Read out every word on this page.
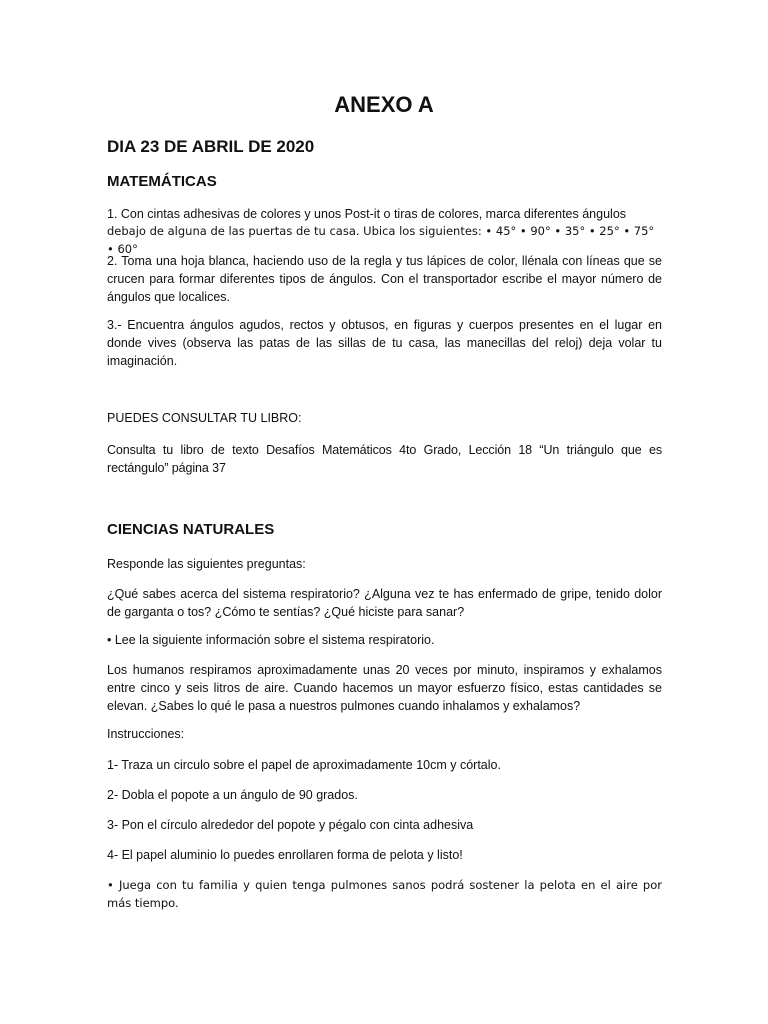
ANEXO A
DIA 23 DE ABRIL DE 2020
MATEMÁTICAS

1. Con cintas adhesivas de colores y unos Post-it o tiras de colores, marca diferentes ángulos

debajo de alguna de las puertas de tu casa. Ubica los siguientes: • 45° • 90° • 35° • 25° • 75° • 60°

2. Toma una hoja blanca, haciendo uso de la regla y tus lápices de color, llénala con líneas que se crucen para formar diferentes tipos de ángulos. Con el transportador escribe el mayor número de ángulos que localices.

3.- Encuentra ángulos agudos, rectos y obtusos, en figuras y cuerpos presentes en el lugar en donde vives (observa las patas de las sillas de tu casa, las manecillas del reloj) deja volar tu imaginación.

PUEDES CONSULTAR TU LIBRO:

Consulta tu libro de texto Desafíos Matemáticos 4to Grado, Lección 18 “Un triángulo que es rectángulo” página 37

CIENCIAS NATURALES

Responde las siguientes preguntas:

¿Qué sabes acerca del sistema respiratorio? ¿Alguna vez te has enfermado de gripe, tenido dolor de garganta o tos? ¿Cómo te sentías? ¿Qué hiciste para sanar?

• Lee la siguiente información sobre el sistema respiratorio.

Los humanos respiramos aproximadamente unas 20 veces por minuto, inspiramos y exhalamos entre cinco y seis litros de aire. Cuando hacemos un mayor esfuerzo físico, estas cantidades se elevan. ¿Sabes lo qué le pasa a nuestros pulmones cuando inhalamos y exhalamos?

Instrucciones:

1- Traza un circulo sobre el papel de aproximadamente 10cm y córtalo.

2- Dobla el popote a un ángulo de 90 grados.

3- Pon el círculo alrededor del popote y pégalo con cinta adhesiva

4- El papel aluminio lo puedes enrollaren forma de pelota y listo!

• Juega con tu familia y quien tenga pulmones sanos podrá sostener la pelota en el aire por más tiempo.
